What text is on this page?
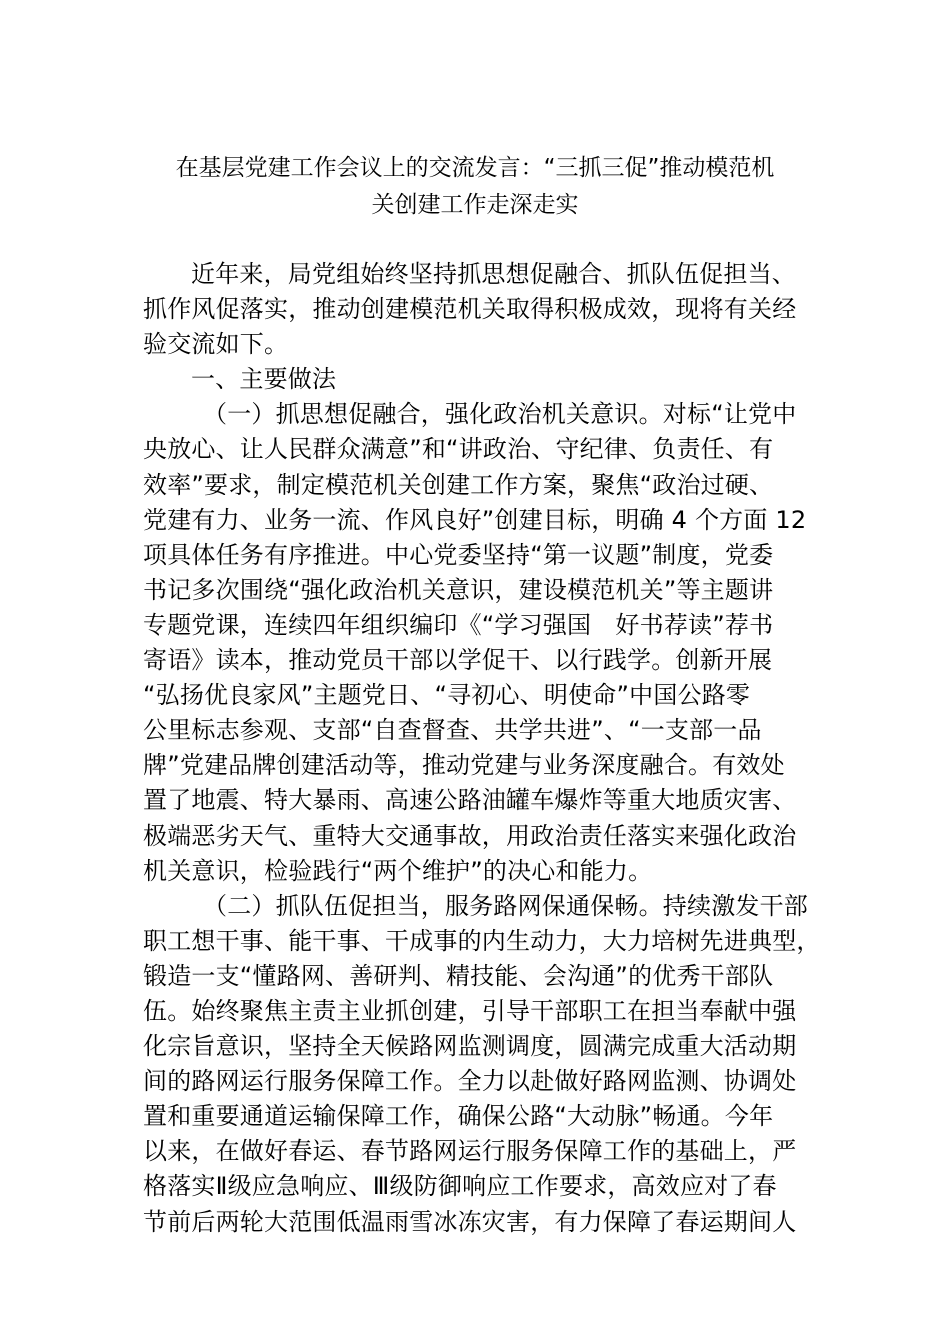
在基层党建工作会议上的交流发言：“三抓三促”推动模范机
关创建工作走深走实
近年来，局党组始终坚持抓思想促融合、抓队伍促担当、
抓作风促落实，推动创建模范机关取得积极成效，现将有关经
验交流如下。
一、主要做法
（一）抓思想促融合，强化政治机关意识。对标“让党中
央放心、让人民群众满意”和“讲政治、守纪律、负责任、有
效率”要求，制定模范机关创建工作方案，聚焦“政治过硬、
党建有力、业务一流、作风良好”创建目标，明确 4 个方面 12
项具体任务有序推进。中心党委坚持“第一议题”制度，党委
书记多次围绕“强化政治机关意识，建设模范机关”等主题讲
专题党课，连续四年组织编印《“学习强国　好书荐读”荐书
寄语》读本，推动党员干部以学促干、以行践学。创新开展
“弘扬优良家风”主题党日、“寻初心、明使命”中国公路零
公里标志参观、支部“自查督查、共学共进”、“一支部一品
牌”党建品牌创建活动等，推动党建与业务深度融合。有效处
置了地震、特大暴雨、高速公路油罐车爆炸等重大地质灾害、
极端恶劣天气、重特大交通事故，用政治责任落实来强化政治
机关意识，检验践行“两个维护”的决心和能力。
（二）抓队伍促担当，服务路网保通保畅。持续激发干部
职工想干事、能干事、干成事的内生动力，大力培树先进典型，
锻造一支“懂路网、善研判、精技能、会沟通”的优秀干部队
伍。始终聚焦主责主业抓创建，引导干部职工在担当奉献中强
化宗旨意识，坚持全天候路网监测调度，圆满完成重大活动期
间的路网运行服务保障工作。全力以赴做好路网监测、协调处
置和重要通道运输保障工作，确保公路“大动脉”畅通。今年
以来，在做好春运、春节路网运行服务保障工作的基础上，严
格落实Ⅱ级应急响应、Ⅲ级防御响应工作要求，高效应对了春
节前后两轮大范围低温雨雪冰冻灾害，有力保障了春运期间人
